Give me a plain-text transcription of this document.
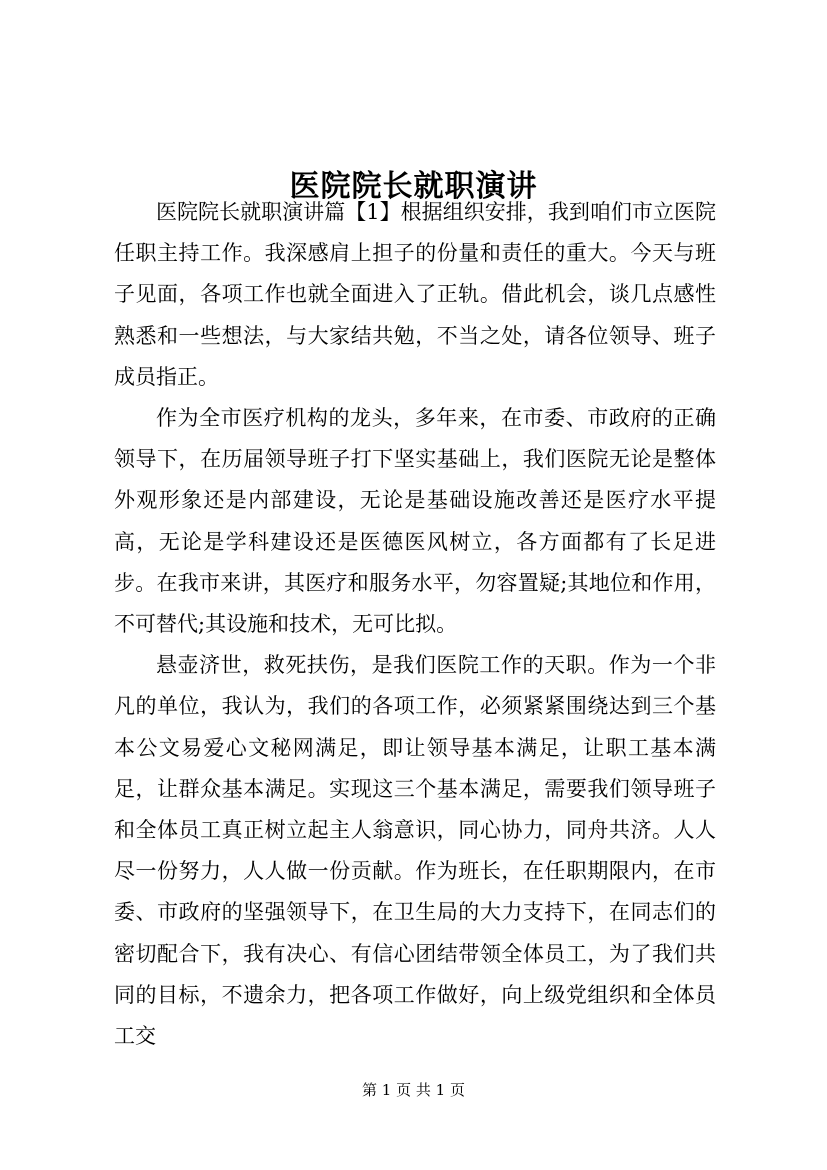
医院院长就职演讲

医院院长就职演讲篇【1】根据组织安排，我到咱们市立医院任职主持工作。我深感肩上担子的份量和责任的重大。今天与班子见面，各项工作也就全面进入了正轨。借此机会，谈几点感性熟悉和一些想法，与大家结共勉，不当之处，请各位领导、班子成员指正。

作为全市医疗机构的龙头，多年来，在市委、市政府的正确领导下，在历届领导班子打下坚实基础上，我们医院无论是整体外观形象还是内部建设，无论是基础设施改善还是医疗水平提高，无论是学科建设还是医德医风树立，各方面都有了长足进步。在我市来讲，其医疗和服务水平，勿容置疑;其地位和作用，不可替代;其设施和技术，无可比拟。

悬壶济世，救死扶伤，是我们医院工作的天职。作为一个非凡的单位，我认为，我们的各项工作，必须紧紧围绕达到三个基本公文易爱心文秘网满足，即让领导基本满足，让职工基本满足，让群众基本满足。实现这三个基本满足，需要我们领导班子和全体员工真正树立起主人翁意识，同心协力，同舟共济。人人尽一份努力，人人做一份贡献。作为班长，在任职期限内，在市委、市政府的坚强领导下，在卫生局的大力支持下，在同志们的密切配合下，我有决心、有信心团结带领全体员工，为了我们共同的目标，不遗余力，把各项工作做好，向上级党组织和全体员工交

第 1 页 共 1 页
